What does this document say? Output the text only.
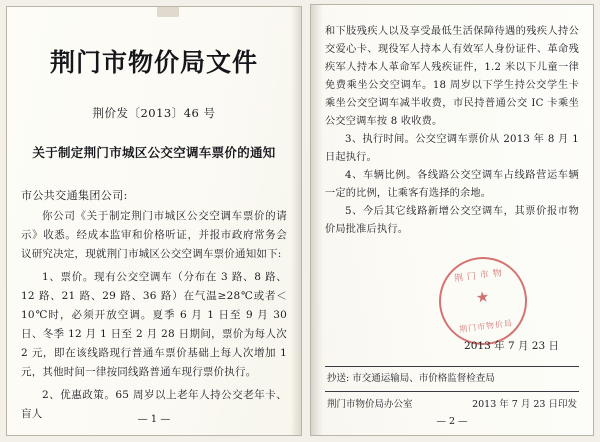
荆门市物价局文件
荆价发〔2013〕46 号
关于制定荆门市城区公交空调车票价的通知
市公共交通集团公司:
你公司《关于制定荆门市城区公交空调车票价的请示》收悉。经成本监审和价格听证，并报市政府常务会议研究决定，现就荆门市城区公交空调车票价通知如下:
1、票价。现有公交空调车（分布在 3 路、8 路、12 路、21 路、29 路、36 路）在气温≥28℃或者＜10℃时，必须开放空调。夏季 6 月 1 日至 9 月 30 日、冬季 12 月 1 日至 2 月 28 日期间，票价为每人次 2 元，即在该线路现行普通车票价基础上每人次增加 1 元，其他时间一律按同线路普通车现行票价执行。
2、优惠政策。65 周岁以上老年人持公交老年卡、盲人	— 1 —
和下肢残疾人以及享受最低生活保障待遇的残疾人持公交爱心卡、现役军人持本人有效军人身份证件、革命残疾军人持本人革命军人残疾证件，1.2 米以下儿童一律免费乘坐公交空调车。18 周岁以下学生持公交学生卡乘坐公交空调车减半收费，市民持普通公交 IC 卡乘坐公交空调车按 8 收收费。
3、执行时间。公交空调车票价从 2013 年 8 月 1 日起执行。
4、车辆比例。各线路公交空调车占线路营运车辆一定的比例，让乘客有选择的余地。
5、今后其它线路新增公交空调车，其票价报市物价局批准后执行。
荆门市物
★
荆门市物价局
2013 年 7 月 23 日
抄送: 市交通运输局、市价格监督检查局
荆门市物价局办公室	2013 年 7 月 23 日印发
— 2 —
